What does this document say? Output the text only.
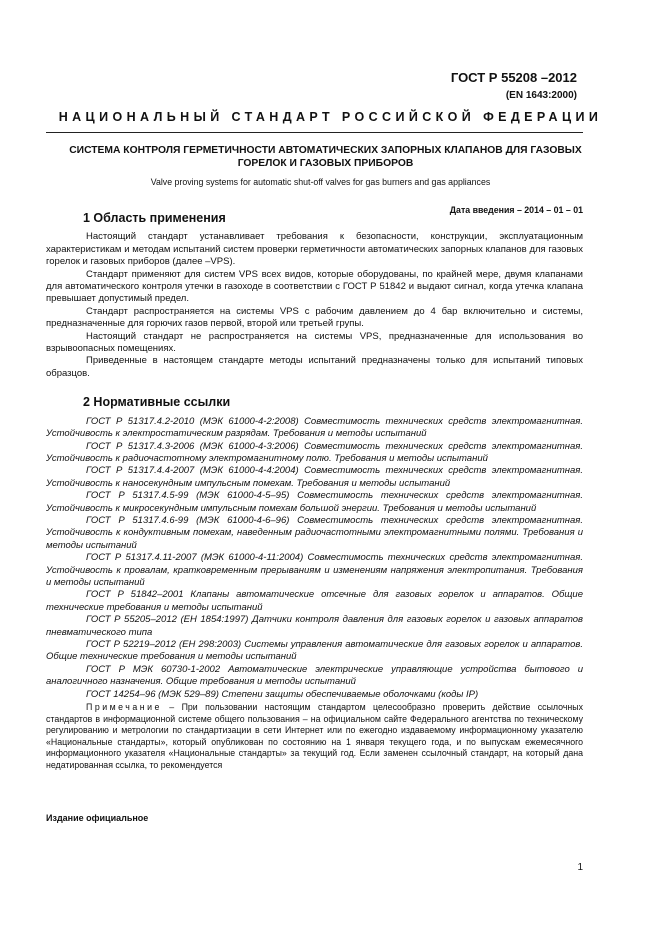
ГОСТ Р 55208 –2012
(EN 1643:2000)
НАЦИОНАЛЬНЫЙ СТАНДАРТ РОССИЙСКОЙ ФЕДЕРАЦИИ
СИСТЕМА КОНТРОЛЯ ГЕРМЕТИЧНОСТИ АВТОМАТИЧЕСКИХ ЗАПОРНЫХ КЛАПАНОВ ДЛЯ ГАЗОВЫХ ГОРЕЛОК И ГАЗОВЫХ ПРИБОРОВ
Valve proving systems for automatic shut-off valves for gas burners and gas appliances
Дата введения – 2014 – 01 – 01
1 Область применения

Настоящий стандарт устанавливает требования к безопасности, конструкции, эксплуатационным характеристикам и методам испытаний систем проверки герметичности автоматических запорных клапанов для газовых горелок и газовых приборов (далее –VPS).

Стандарт применяют для систем VPS всех видов, которые оборудованы, по крайней мере, двумя клапанами для автоматического контроля утечки в газоходе в соответствии с ГОСТ Р 51842 и выдают сигнал, когда утечка клапана превышает допустимый предел.

Стандарт распространяется на системы VPS с рабочим давлением до 4 бар включительно и системы, предназначенные для горючих газов первой, второй или третьей групы.

Настоящий стандарт не распространяется на системы VPS, предназначенные для использования во взрывоопасных помещениях.

Приведенные в настоящем стандарте методы испытаний предназначены только для испытаний типовых образцов.

2 Нормативные ссылки

ГОСТ Р 51317.4.2-2010 (МЭК 61000-4-2:2008) Совместимость технических средств электромагнитная. Устойчивость к электростатическим разрядам. Требования и методы испытаний

ГОСТ Р 51317.4.3-2006 (МЭК 61000-4-3:2006) Совместимость технических средств электромагнитная. Устойчивость к радиочастотному электромагнитному полю. Требования и методы испытаний

ГОСТ Р 51317.4.4-2007 (МЭК 61000-4-4:2004) Совместимость технических средств электромагнитная. Устойчивость к наносекундным импульсным помехам. Требования и методы испытаний

ГОСТ Р 51317.4.5-99 (МЭК 61000-4-5–95) Совместимость технических средств электромагнитная. Устойчивость к микросекундным импульсным помехам большой энергии. Требования и методы испытаний

ГОСТ Р 51317.4.6-99 (МЭК 61000-4-6–96) Совместимость технических средств электромагнитная. Устойчивость к кондуктивным помехам, наведенным радиочастотными электромагнитными полями. Требования и методы испытаний

ГОСТ Р 51317.4.11-2007 (МЭК 61000-4-11:2004) Совместимость технических средств электромагнитная. Устойчивость к провалам, кратковременным прерываниям и изменениям напряжения электропитания. Требования и методы испытаний

ГОСТ Р 51842–2001 Клапаны автоматические отсечные для газовых горелок и аппаратов. Общие технические требования и методы испытаний

ГОСТ Р 55205–2012 (ЕН 1854:1997) Датчики контроля давления для газовых горелок и газовых аппаратов пневматического типа

ГОСТ Р 52219–2012 (ЕН 298:2003) Системы управления автоматические для газовых горелок и аппаратов. Общие технические требования и методы испытаний

ГОСТ Р МЭК 60730-1-2002 Автоматические электрические управляющие устройства бытового и аналогичного назначения. Общие требования и методы испытаний

ГОСТ 14254–96 (МЭК 529–89) Степени защиты обеспечиваемые оболочками (коды IP)

Примечание – При пользовании настоящим стандартом целесообразно проверить действие ссылочных стандартов в информационной системе общего пользования – на официальном сайте Федерального агентства по техническому регулированию и метрологии по стандартизации в сети Интернет или по ежегодно издаваемому информационному указателю «Национальные стандарты», который опубликован по состоянию на 1 января текущего года, и по выпускам ежемесячного информационного указателя «Национальные стандарты» за текущий год. Если заменен ссылочный стандарт, на который дана недатированная ссылка, то рекомендуется

Издание официальное
1
